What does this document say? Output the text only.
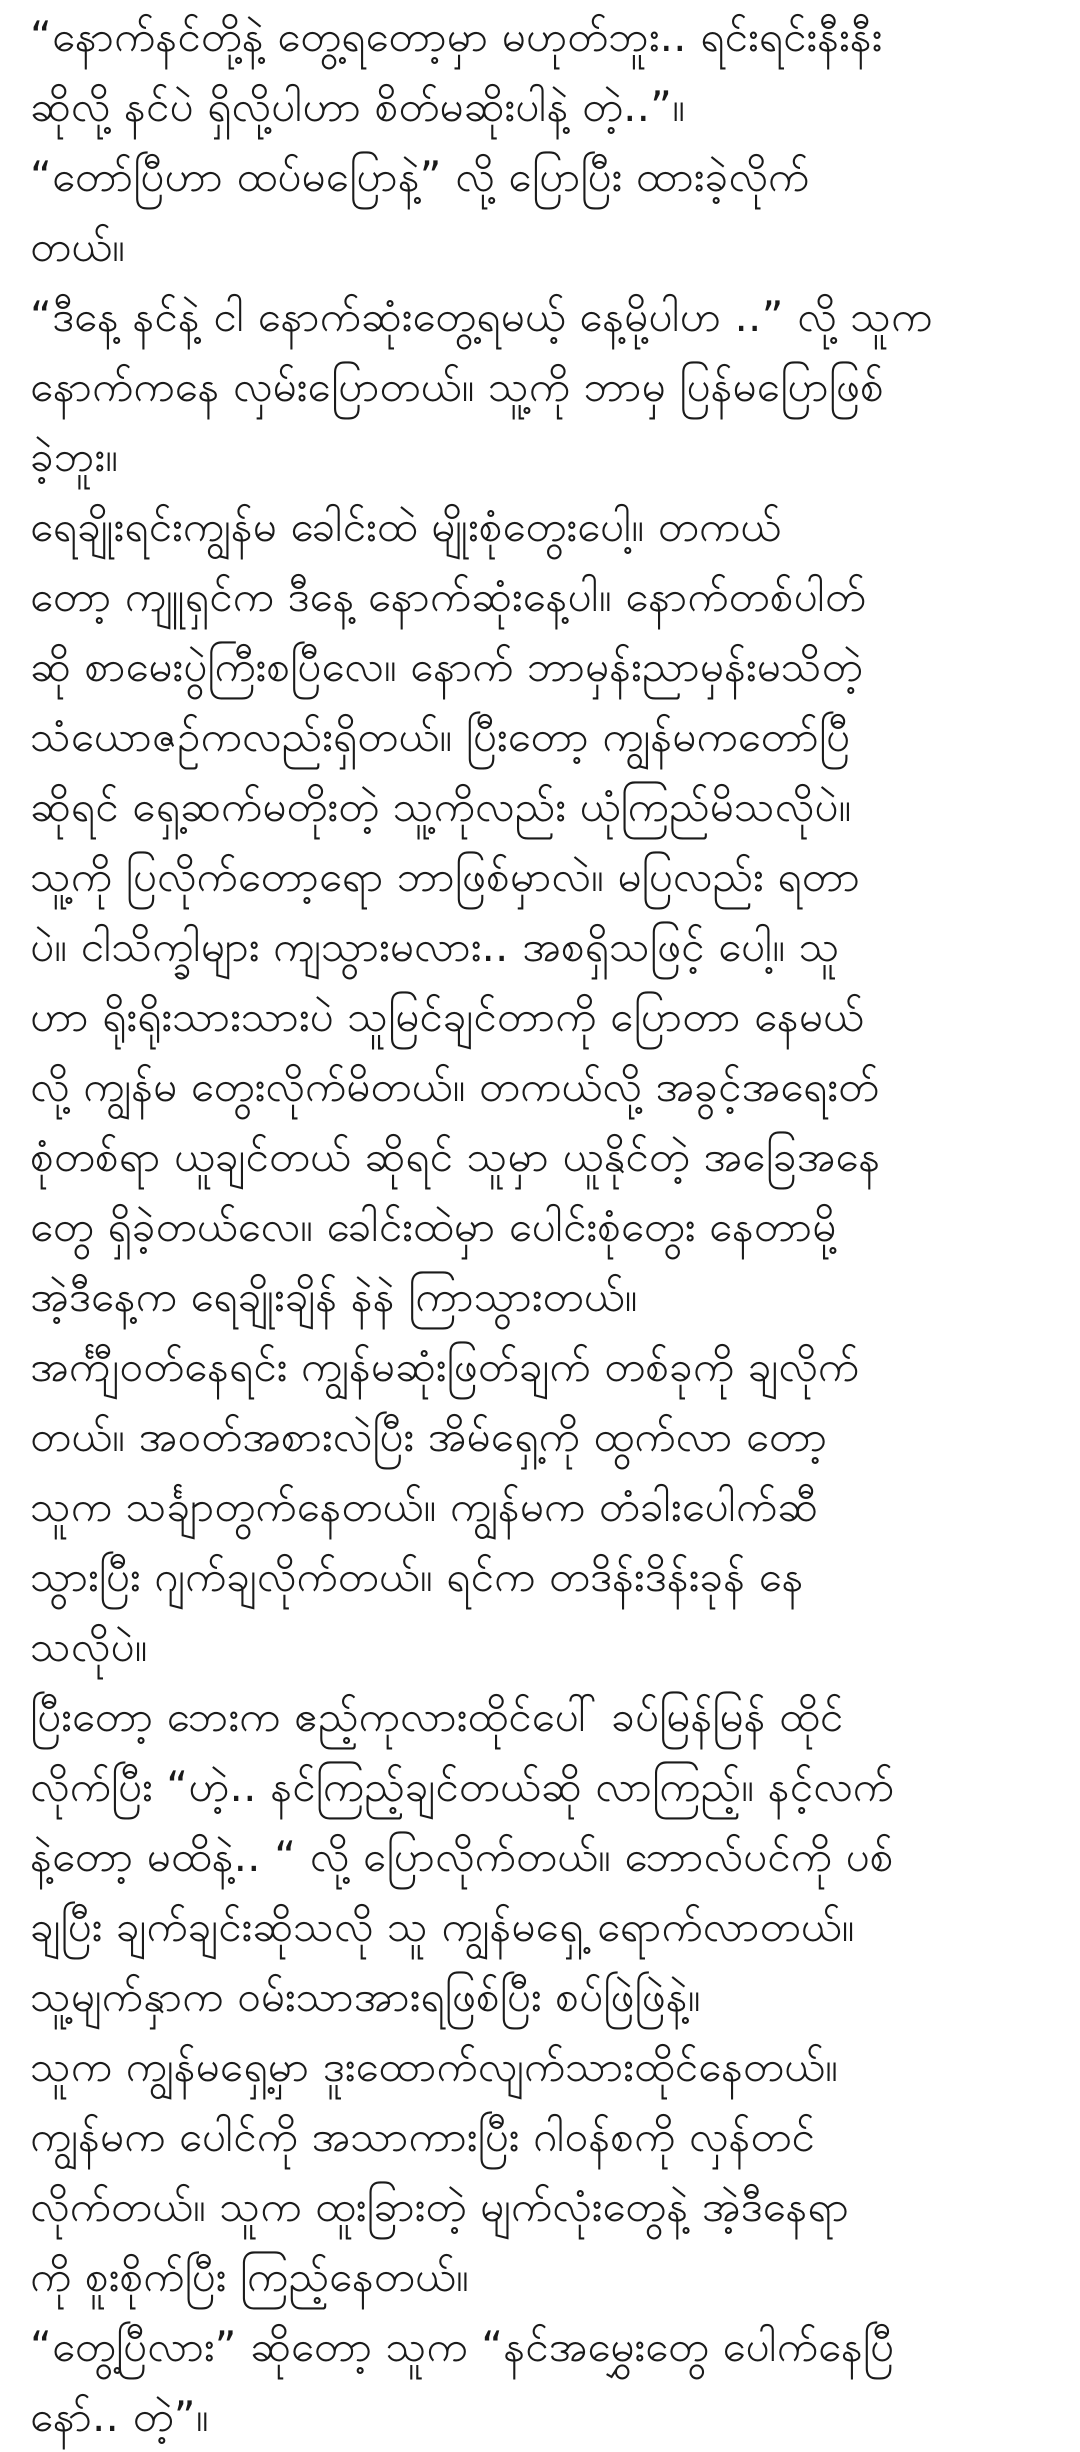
“နောက်နင်တို့နဲ့ တွေ့ရတော့မှာ မဟုတ်ဘူး.. ရင်းရင်းနီးနီး
ဆိုလို့ နင်ပဲ ရှိလို့ပါဟာ စိတ်မဆိုးပါနဲ့ တဲ့..”။
“တော်ပြီဟာ ထပ်မပြောနဲ့” လို့ ပြောပြီး ထားခဲ့လိုက်
တယ်။
“ဒီနေ့ နင်နဲ့ ငါ နောက်ဆုံးတွေ့ရမယ့် နေ့မို့ပါဟ ..” လို့ သူက
နောက်ကနေ လှမ်းပြောတယ်။ သူ့ကို ဘာမှ ပြန်မပြောဖြစ်
ခဲ့ဘူး။
ရေချိုးရင်းကျွန်မ ခေါင်းထဲ မျိုးစုံတွေးပေါ့။ တကယ်
တော့ ကျူရှင်က ဒီနေ့ နောက်ဆုံးနေ့ပါ။ နောက်တစ်ပါတ်
ဆို စာမေးပွဲကြီးစပြီလေ။ နောက် ဘာမှန်းညာမှန်းမသိတဲ့
သံယောဇဉ်ကလည်းရှိတယ်။ ပြီးတော့ ကျွန်မကတော်ပြီ
ဆိုရင် ရှေ့ဆက်မတိုးတဲ့ သူ့ကိုလည်း ယုံကြည်မိသလိုပဲ။
သူ့ကို ပြလိုက်တော့ရော ဘာဖြစ်မှာလဲ။ မပြလည်း ရတာ
ပဲ။ ငါသိက္ခါများ ကျသွားမလား.. အစရှိသဖြင့် ပေါ့။ သူ
ဟာ ရိုးရိုးသားသားပဲ သူမြင်ချင်တာကို ပြောတာ နေမယ်
လို့ ကျွန်မ တွေးလိုက်မိတယ်။ တကယ်လို့ အခွင့်အရေးတ်
စုံတစ်ရာ ယူချင်တယ် ဆိုရင် သူမှာ ယူနိုင်တဲ့ အခြေအနေ
တွေ ရှိခဲ့တယ်လေ။ ခေါင်းထဲမှာ ပေါင်းစုံတွေး နေတာမို့
အဲ့ဒီနေ့က ရေချိုးချိန် နဲနဲ ကြာသွားတယ်။
အင်္ကျီဝတ်နေရင်း ကျွန်မဆုံးဖြတ်ချက် တစ်ခုကို ချလိုက်
တယ်။ အဝတ်အစားလဲပြီး အိမ်ရှေ့ကို ထွက်လာ တော့
သူက သင်္ချာတွက်နေတယ်။ ကျွန်မက တံခါးပေါက်ဆီ
သွားပြီး ဂျက်ချလိုက်တယ်။ ရင်က တဒိန်းဒိန်းခုန် နေ
သလိုပဲ။
ပြီးတော့ ဘေးက ဧည့်ကုလားထိုင်ပေါ် ခပ်မြန်မြန် ထိုင်
လိုက်ပြီး “ဟဲ့.. နင်ကြည့်ချင်တယ်ဆို လာကြည့်။ နင့်လက်
နဲ့တော့ မထိနဲ့.. “ လို့ ပြောလိုက်တယ်။ ဘောလ်ပင်ကို ပစ်
ချပြီး ချက်ချင်းဆိုသလို သူ ကျွန်မရှေ့ ရောက်လာတယ်။
သူ့မျက်နှာက ဝမ်းသာအားရဖြစ်ပြီး စပ်ဖြဲဖြဲနဲ့။
သူက ကျွန်မရှေ့မှာ ဒူးထောက်လျက်သားထိုင်နေတယ်။
ကျွန်မက ပေါင်ကို အသာကားပြီး ဂါဝန်စကို လှန်တင်
လိုက်တယ်။ သူက ထူးခြားတဲ့ မျက်လုံးတွေနဲ့ အဲ့ဒီနေရာ
ကို စူးစိုက်ပြီး ကြည့်နေတယ်။
“တွေ့ပြီလား” ဆိုတော့ သူက “နင်အမွှေးတွေ ပေါက်နေပြီ
နော်.. တဲ့”။
